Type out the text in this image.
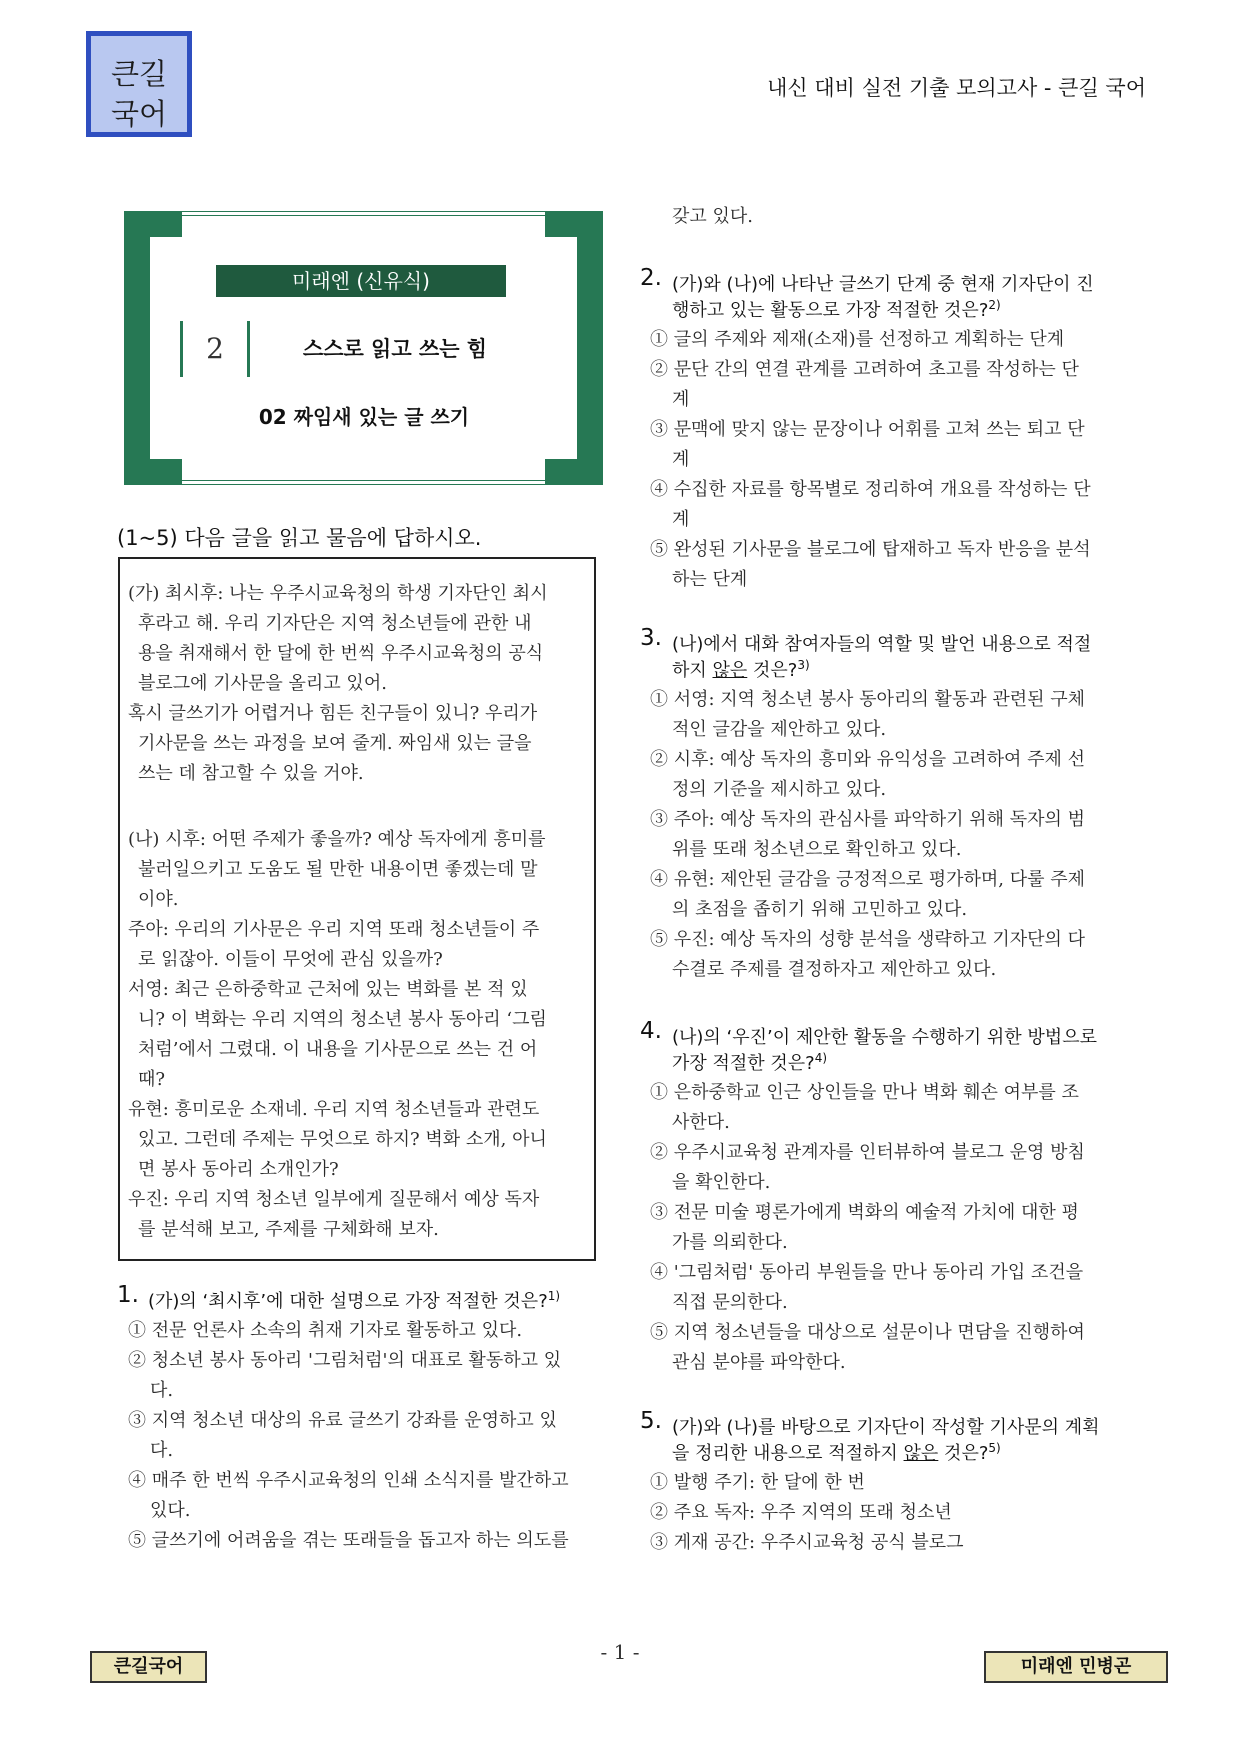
큰길
국어
내신 대비 실전 기출 모의고사 - 큰길 국어
미래엔 (신유식)
2	스스로 읽고 쓰는 힘
02 짜임새 있는 글 쓰기
(1~5) 다음 글을 읽고 물음에 답하시오.
(가) 최시후: 나는 우주시교육청의 학생 기자단인 최시
후라고 해. 우리 기자단은 지역 청소년들에 관한 내
용을 취재해서 한 달에 한 번씩 우주시교육청의 공식
블로그에 기사문을 올리고 있어.
혹시 글쓰기가 어렵거나 힘든 친구들이 있니? 우리가
기사문을 쓰는 과정을 보여 줄게. 짜임새 있는 글을
쓰는 데 참고할 수 있을 거야.
(나) 시후: 어떤 주제가 좋을까? 예상 독자에게 흥미를
불러일으키고 도움도 될 만한 내용이면 좋겠는데 말
이야.
주아: 우리의 기사문은 우리 지역 또래 청소년들이 주
로 읽잖아. 이들이 무엇에 관심 있을까?
서영: 최근 은하중학교 근처에 있는 벽화를 본 적 있
니? 이 벽화는 우리 지역의 청소년 봉사 동아리 ‘그림
처럼’에서 그렸대. 이 내용을 기사문으로 쓰는 건 어
때?
유현: 흥미로운 소재네. 우리 지역 청소년들과 관련도
있고. 그런데 주제는 무엇으로 하지? 벽화 소개, 아니
면 봉사 동아리 소개인가?
우진: 우리 지역 청소년 일부에게 질문해서 예상 독자
를 분석해 보고, 주제를 구체화해 보자.
1. (가)의 ‘최시후’에 대한 설명으로 가장 적절한 것은?$^{1)}$
① 전문 언론사 소속의 취재 기자로 활동하고 있다.
② 청소년 봉사 동아리 '그림처럼'의 대표로 활동하고 있
다.
③ 지역 청소년 대상의 유료 글쓰기 강좌를 운영하고 있
다.
④ 매주 한 번씩 우주시교육청의 인쇄 소식지를 발간하고
있다.
⑤ 글쓰기에 어려움을 겪는 또래들을 돕고자 하는 의도를
갖고 있다.
2. (가)와 (나)에 나타난 글쓰기 단계 중 현재 기자단이 진
행하고 있는 활동으로 가장 적절한 것은?$^{2)}$
① 글의 주제와 제재(소재)를 선정하고 계획하는 단계
② 문단 간의 연결 관계를 고려하여 초고를 작성하는 단
계
③ 문맥에 맞지 않는 문장이나 어휘를 고쳐 쓰는 퇴고 단
계
④ 수집한 자료를 항목별로 정리하여 개요를 작성하는 단
계
⑤ 완성된 기사문을 블로그에 탑재하고 독자 반응을 분석
하는 단계
3. (나)에서 대화 참여자들의 역할 및 발언 내용으로 적절
하지 않은 것은?$^{3)}$
① 서영: 지역 청소년 봉사 동아리의 활동과 관련된 구체
적인 글감을 제안하고 있다.
② 시후: 예상 독자의 흥미와 유익성을 고려하여 주제 선
정의 기준을 제시하고 있다.
③ 주아: 예상 독자의 관심사를 파악하기 위해 독자의 범
위를 또래 청소년으로 확인하고 있다.
④ 유현: 제안된 글감을 긍정적으로 평가하며, 다룰 주제
의 초점을 좁히기 위해 고민하고 있다.
⑤ 우진: 예상 독자의 성향 분석을 생략하고 기자단의 다
수결로 주제를 결정하자고 제안하고 있다.
4. (나)의 ‘우진’이 제안한 활동을 수행하기 위한 방법으로
가장 적절한 것은?$^{4)}$
① 은하중학교 인근 상인들을 만나 벽화 훼손 여부를 조
사한다.
② 우주시교육청 관계자를 인터뷰하여 블로그 운영 방침
을 확인한다.
③ 전문 미술 평론가에게 벽화의 예술적 가치에 대한 평
가를 의뢰한다.
④ '그림처럼' 동아리 부원들을 만나 동아리 가입 조건을
직접 문의한다.
⑤ 지역 청소년들을 대상으로 설문이나 면담을 진행하여
관심 분야를 파악한다.
5. (가)와 (나)를 바탕으로 기자단이 작성할 기사문의 계획
을 정리한 내용으로 적절하지 않은 것은?$^{5)}$
① 발행 주기: 한 달에 한 번
② 주요 독자: 우주 지역의 또래 청소년
③ 게재 공간: 우주시교육청 공식 블로그
큰길국어
- 1 -
미래엔 민병곤
